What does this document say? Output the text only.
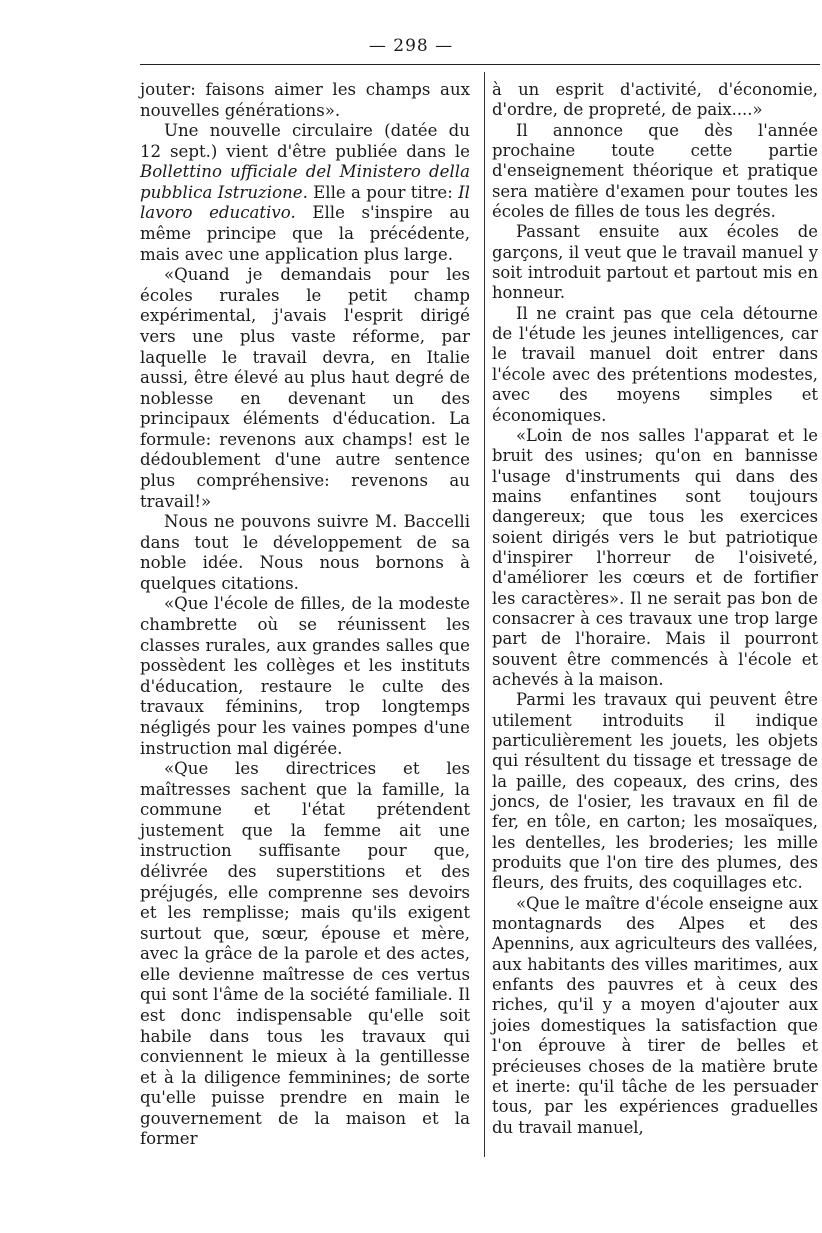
— 298 —

jouter: faisons aimer les champs aux nouvelles générations».

Une nouvelle circulaire (datée du 12 sept.) vient d'être publiée dans le Bollettino ufficiale del Ministero della pubblica Istruzione. Elle a pour titre: Il lavoro educativo. Elle s'inspire au même principe que la précédente, mais avec une application plus large.

«Quand je demandais pour les écoles rurales le petit champ expérimental, j'avais l'esprit dirigé vers une plus vaste réforme, par laquelle le travail devra, en Italie aussi, être élevé au plus haut degré de noblesse en devenant un des principaux éléments d'éducation. La formule: revenons aux champs! est le dédoublement d'une autre sentence plus compréhensive: revenons au travail!»

Nous ne pouvons suivre M. Baccelli dans tout le développement de sa noble idée. Nous nous bornons à quelques citations.

«Que l'école de filles, de la modeste chambrette où se réunissent les classes rurales, aux grandes salles que possèdent les collèges et les instituts d'éducation, restaure le culte des travaux féminins, trop longtemps négligés pour les vaines pompes d'une instruction mal digérée.

«Que les directrices et les maîtresses sachent que la famille, la commune et l'état prétendent justement que la femme ait une instruction suffisante pour que, délivrée des superstitions et des préjugés, elle comprenne ses devoirs et les remplisse; mais qu'ils exigent surtout que, sœur, épouse et mère, avec la grâce de la parole et des actes, elle devienne maîtresse de ces vertus qui sont l'âme de la société familiale. Il est donc indispensable qu'elle soit habile dans tous les travaux qui conviennent le mieux à la gentillesse et à la diligence femminines; de sorte qu'elle puisse prendre en main le gouvernement de la maison et la former

à un esprit d'activité, d'économie, d'ordre, de propreté, de paix....»

Il annonce que dès l'année prochaine toute cette partie d'enseignement théorique et pratique sera matière d'examen pour toutes les écoles de filles de tous les degrés.

Passant ensuite aux écoles de garçons, il veut que le travail manuel y soit introduit partout et partout mis en honneur.

Il ne craint pas que cela détourne de l'étude les jeunes intelligences, car le travail manuel doit entrer dans l'école avec des prétentions modestes, avec des moyens simples et économiques.

«Loin de nos salles l'apparat et le bruit des usines; qu'on en bannisse l'usage d'instruments qui dans des mains enfantines sont toujours dangereux; que tous les exercices soient dirigés vers le but patriotique d'inspirer l'horreur de l'oisiveté, d'améliorer les cœurs et de fortifier les caractères». Il ne serait pas bon de consacrer à ces travaux une trop large part de l'horaire. Mais il pourront souvent être commencés à l'école et achevés à la maison.

Parmi les travaux qui peuvent être utilement introduits il indique particulièrement les jouets, les objets qui résultent du tissage et tressage de la paille, des copeaux, des crins, des joncs, de l'osier, les travaux en fil de fer, en tôle, en carton; les mosaïques, les dentelles, les broderies; les mille produits que l'on tire des plumes, des fleurs, des fruits, des coquillages etc.

«Que le maître d'école enseigne aux montagnards des Alpes et des Apennins, aux agriculteurs des vallées, aux habitants des villes maritimes, aux enfants des pauvres et à ceux des riches, qu'il y a moyen d'ajouter aux joies domestiques la satisfaction que l'on éprouve à tirer de belles et précieuses choses de la matière brute et inerte: qu'il tâche de les persuader tous, par les expériences graduelles du travail manuel,
